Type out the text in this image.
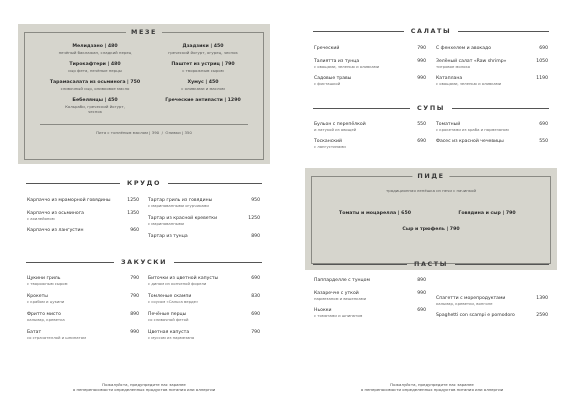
МЕЗЕ
Мелидзано | 480
печёный баклажан, сладкий перец
Тирокафтери | 480
сыр фета, печёные перцы
Тарамасалата из осьминога | 750
сливочный сыр, оливковое масло
Бебелянцы | 450
Кольраби, греческий йогурт, чеснок
Дзадзики | 450
греческий йогурт, огурец, чеснок
Паштет из устриц | 790
с творожным сыром
Хумус | 450
с оливками и маслом
Греческие антипасти | 1290
Пита с топлёным маслом | 390 / Оливки | 350
КРУДО
Карпаччо из мраморной говядины	1250
Карпаччо из осьминога
с ахилейоном
1350
Карпаччо из лангустин	960
Тартар гриль из говядины
с маринованными огурчиками
950
Тартар из красной креветки
с маринованными
1250
Тартар из тунца	890
ЗАКУСКИ
Цукини гриль
с творожным сыром
790
Крокеты
с крабом и цукини
790
Фритто мисто
кальмар, креветка
890
Батат
со страчателлой и шпинатом
990
Биточки из цветной капусты
с дипом из копченой форели
690
Томленые скампи
с соусом «Сальса верде»
830
Печёные перцы
со сливочной фетой
690
Цветная капуста
с муссом из пармезана
790
Пожалуйста, предупредите нас заранее
о непереносимости определенных продуктов питания или аллергии
САЛАТЫ
Греческий	790
Талиятта из тунца
с овощами, зеленью и оливками
990
Садовые травы
с фисташкой
990
С фенхелем и авокадо	690
Зелёный салат «Raw shrimp»
тигровое молоко
1050
Катаплана
с овощами, зеленью и оливками
1190
СУПЫ
Бульон с перепёлкой
и латукой из овощей
550
Тосканский
с лангустинами
690
Томатный
с крокетами из краба и пармезаном
690
Фасес из красной чечевицы	550
ПИДЕ
традиционная лепёшка из печи с начинкой
Томаты и моцарелла | 650	Говядина и сыр | 790
Сыр и трюфель | 790
ПАСТЫ
Паппарделле с тунцом	890
Казаречче с уткой
пармезаном и вешенками
990
Ньокки
с томатами и шпинатом
690
Спагетти с морепродуктами
кальмар, креветки, вонголе
1390
Spaghetti con scampi e pomodoro	2590
Пожалуйста, предупредите нас заранее
о непереносимости определенных продуктов питания или аллергии
